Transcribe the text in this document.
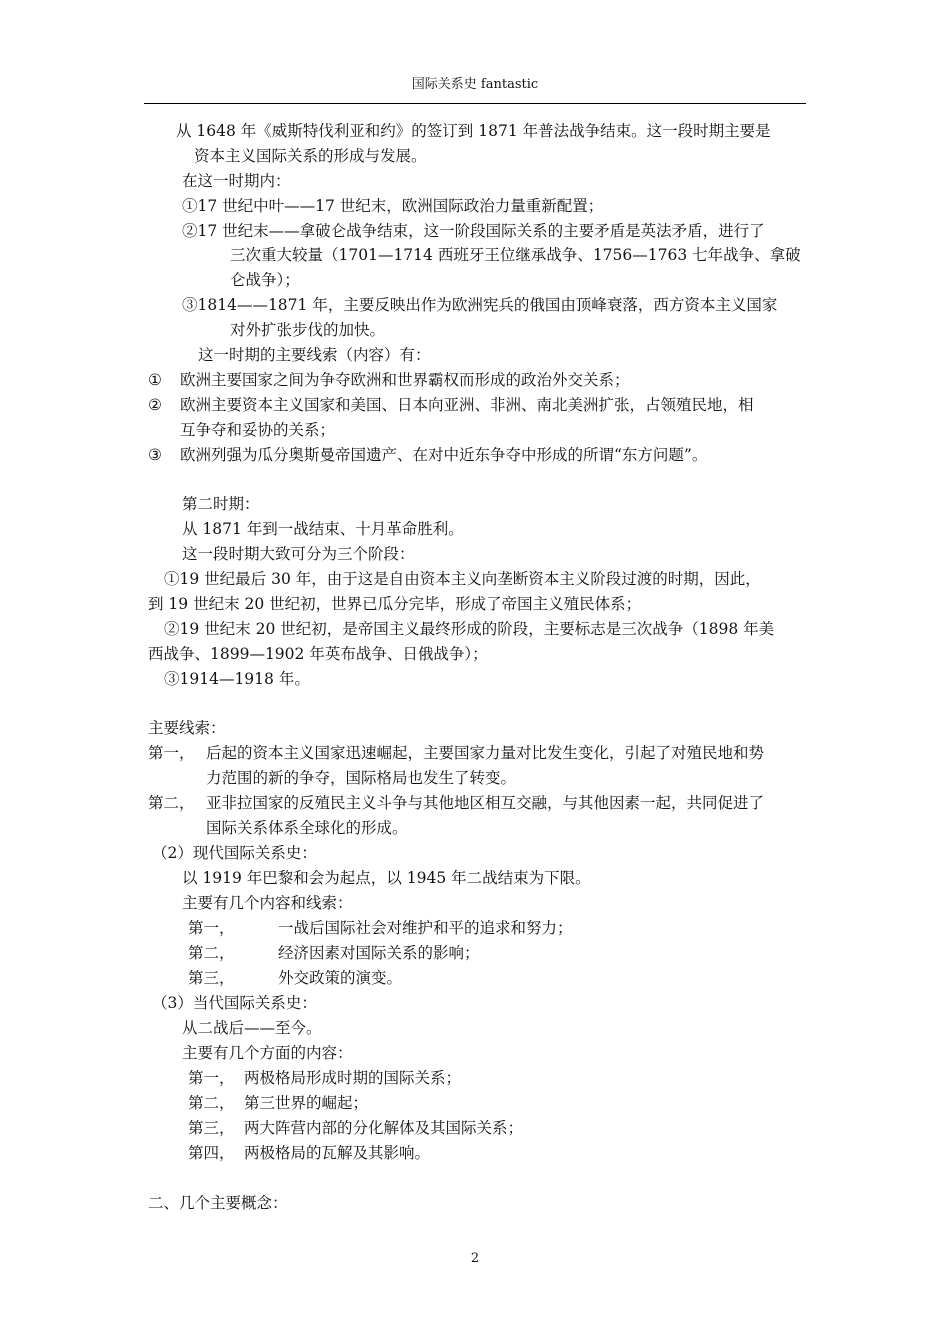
国际关系史 fantastic
从 1648 年《威斯特伐利亚和约》的签订到 1871 年普法战争结束。这一段时期主要是
资本主义国际关系的形成与发展。
在这一时期内：
①17 世纪中叶——17 世纪末，欧洲国际政治力量重新配置；
②17 世纪末——拿破仑战争结束，这一阶段国际关系的主要矛盾是英法矛盾，进行了
三次重大较量（1701—1714 西班牙王位继承战争、1756—1763 七年战争、拿破
仑战争）；
③1814——1871 年，主要反映出作为欧洲宪兵的俄国由顶峰衰落，西方资本主义国家
对外扩张步伐的加快。
这一时期的主要线索（内容）有：
① 欧洲主要国家之间为争夺欧洲和世界霸权而形成的政治外交关系；
② 欧洲主要资本主义国家和美国、日本向亚洲、非洲、南北美洲扩张，占领殖民地，相
互争夺和妥协的关系；
③ 欧洲列强为瓜分奥斯曼帝国遗产、在对中近东争夺中形成的所谓“东方问题”。
第二时期：
从 1871 年到一战结束、十月革命胜利。
这一段时期大致可分为三个阶段：
①19 世纪最后 30 年，由于这是自由资本主义向垄断资本主义阶段过渡的时期，因此，
到 19 世纪末 20 世纪初，世界已瓜分完毕，形成了帝国主义殖民体系；
②19 世纪末 20 世纪初，是帝国主义最终形成的阶段，主要标志是三次战争（1898 年美
西战争、1899—1902 年英布战争、日俄战争）；
③1914—1918 年。
主要线索：
第一， 后起的资本主义国家迅速崛起，主要国家力量对比发生变化，引起了对殖民地和势
力范围的新的争夺，国际格局也发生了转变。
第二， 亚非拉国家的反殖民主义斗争与其他地区相互交融，与其他因素一起，共同促进了
国际关系体系全球化的形成。
（2）现代国际关系史：
以 1919 年巴黎和会为起点，以 1945 年二战结束为下限。
主要有几个内容和线索：
第一，	一战后国际社会对维护和平的追求和努力；
第二，	经济因素对国际关系的影响；
第三，	外交政策的演变。
（3）当代国际关系史：
从二战后——至今。
主要有几个方面的内容：
第一， 两极格局形成时期的国际关系；
第二， 第三世界的崛起；
第三， 两大阵营内部的分化解体及其国际关系；
第四， 两极格局的瓦解及其影响。
二、几个主要概念：
2
